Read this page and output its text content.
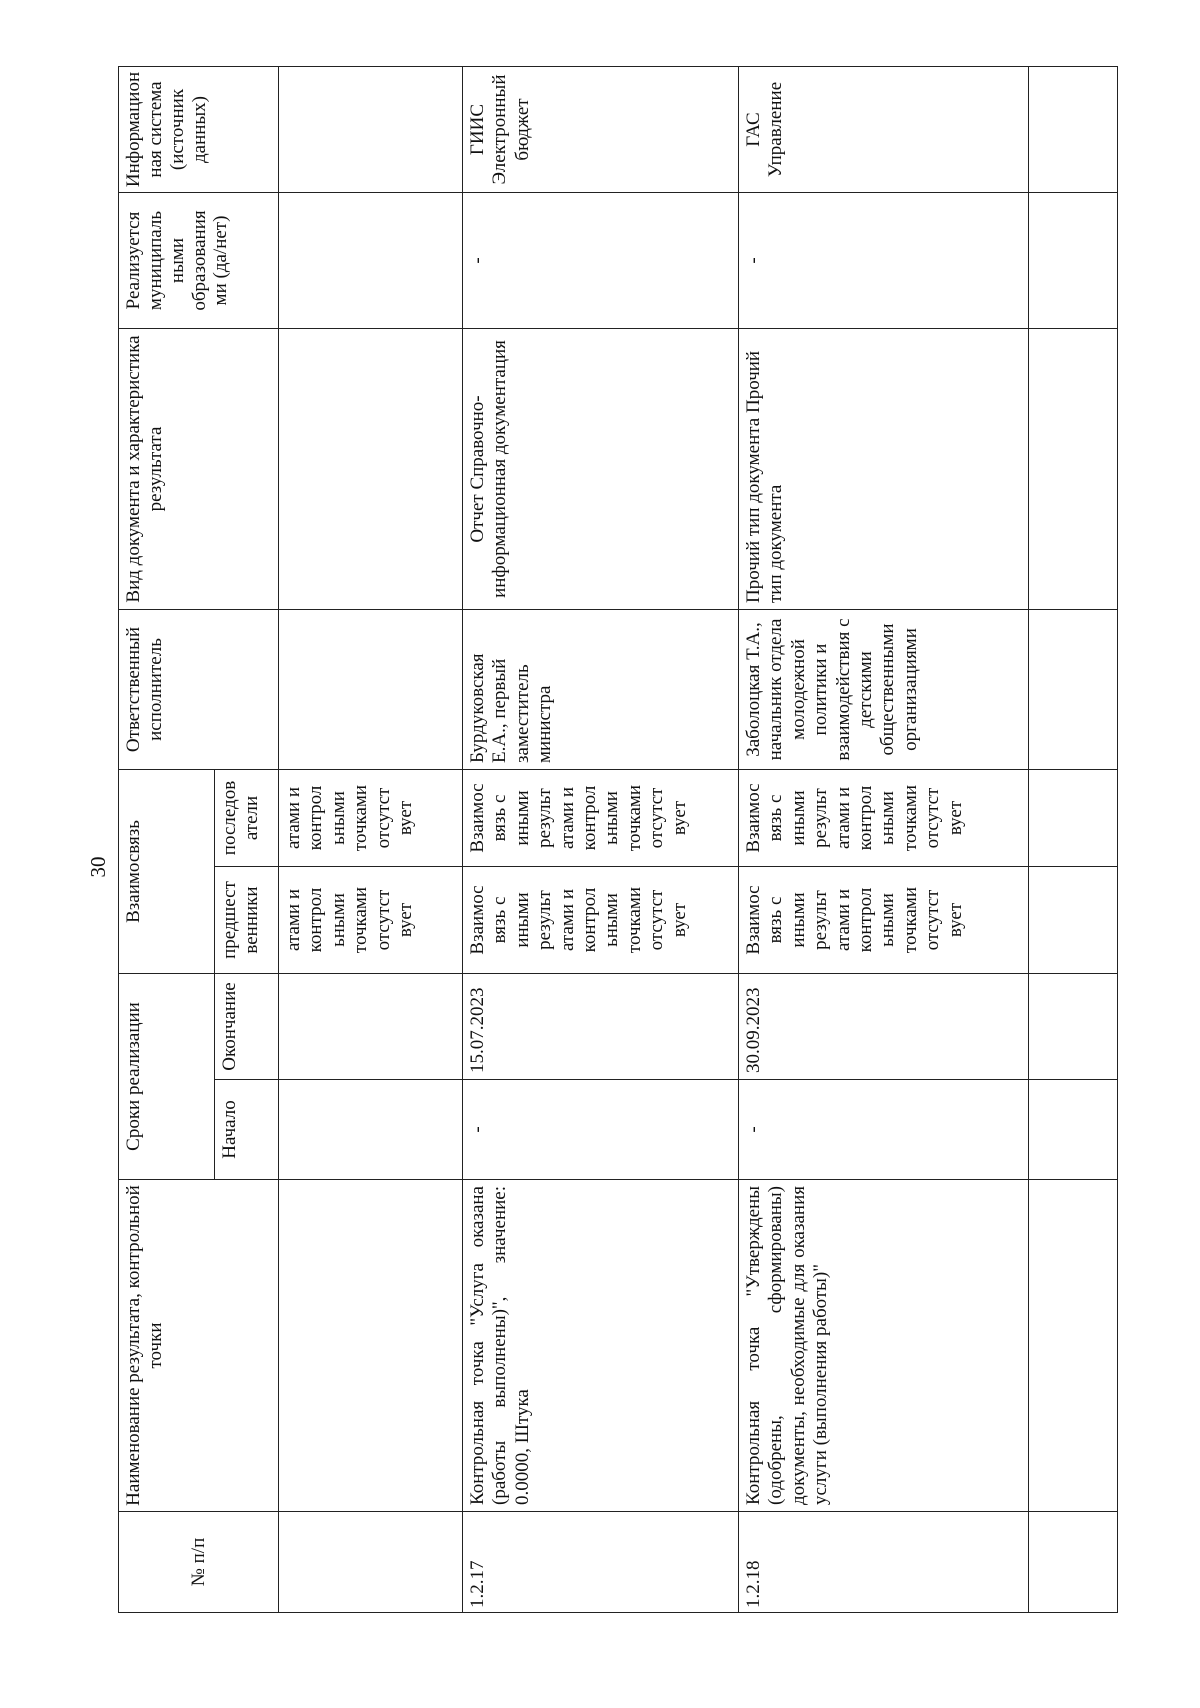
30
№ п/п	Наименование результата, контрольной точки	Сроки реализации		Взаимосвязь		Ответственный исполнитель	Вид документа и характеристика результата	Реализуется муниципаль ными образования ми (да/нет)	Информацион ная система (источник данных)
		Начало	Окончание	предшест венники	последов атели				
				атами и контрол ьными точками отсутст вует	атами и контрол ьными точками отсутст вует				
1.2.17	Контрольная точка "Услуга оказана (работы выполнены)", значение: 0.0000, Штука	-	15.07.2023	Взаимос вязь с иными результ атами и контрол ьными точками отсутст вует	Взаимос вязь с иными результ атами и контрол ьными точками отсутст вует	Бурдуковская Е.А., первый заместитель министра	Отчет Справочно-информационная документация	-	ГИИС Электронный бюджет
1.2.18	Контрольная точка "Утверждены (одобрены, сформированы) документы, необходимые для оказания услуги (выполнения работы)"	-	30.09.2023	Взаимос вязь с иными результ атами и контрол ьными точками отсутст вует	Взаимос вязь с иными результ атами и контрол ьными точками отсутст вует	Заболоцкая Т.А., начальник отдела молодежной политики и взаимодействия с детскими общественными организациями	Прочий тип документа Прочий тип документа	-	ГАС Управление
